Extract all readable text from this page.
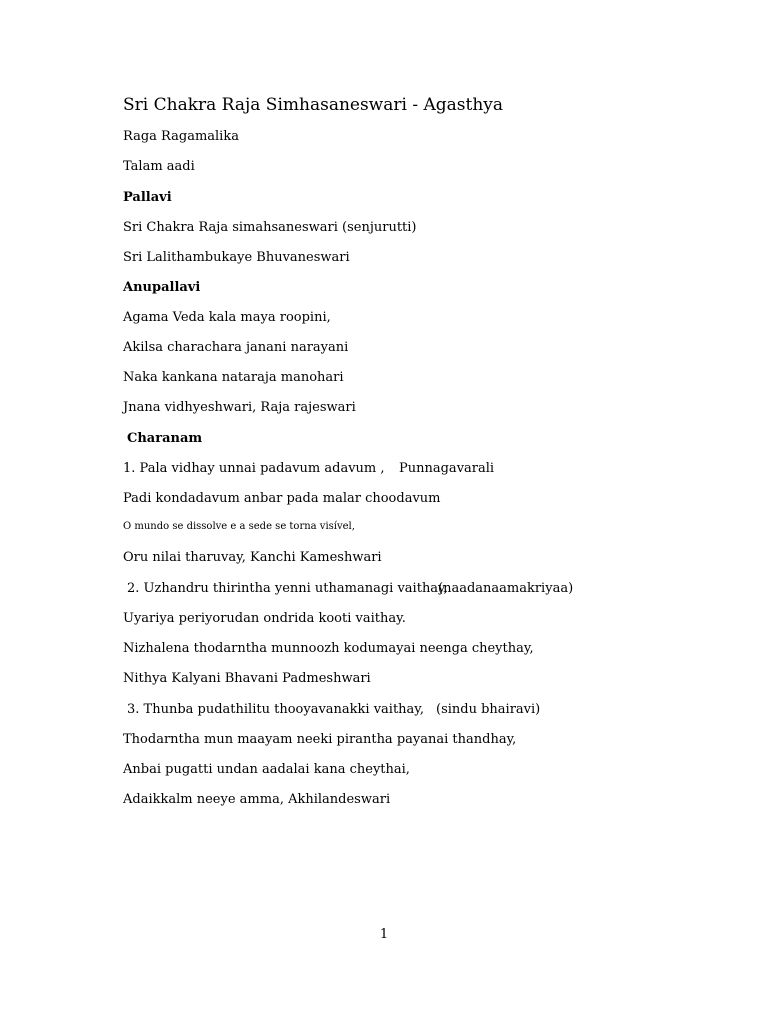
Sri Chakra Raja Simhasaneswari - Agasthya
Raga Ragamalika
Talam aadi
Pallavi
Sri Chakra Raja simahsaneswari (senjurutti)
Sri Lalithambukaye Bhuvaneswari
Anupallavi
Agama Veda kala maya roopini,
Akilsa charachara janani narayani
Naka kankana nataraja manohari
Jnana vidhyeshwari, Raja rajeswari
Charanam
1. Pala vidhay unnai padavum adavum , Punnagavarali
Padi kondadavum anbar pada malar choodavum
O mundo se dissolve e a sede se torna visível,
Oru nilai tharuvay, Kanchi Kameshwari
2. Uzhandru thirintha yenni uthamanagi vaithay,
(naadanaamakriyaa)
Uyariya periyorudan ondrida kooti vaithay.
Nizhalena thodarntha munnoozh kodumayai neenga cheythay,
Nithya Kalyani Bhavani Padmeshwari
3. Thunba pudathilitu thooyavanakki vaithay, (sindu bhairavi)
Thodarntha mun maayam neeki pirantha payanai thandhay,
Anbai pugatti undan aadalai kana cheythai,
Adaikkalm neeye amma, Akhilandeswari
1
